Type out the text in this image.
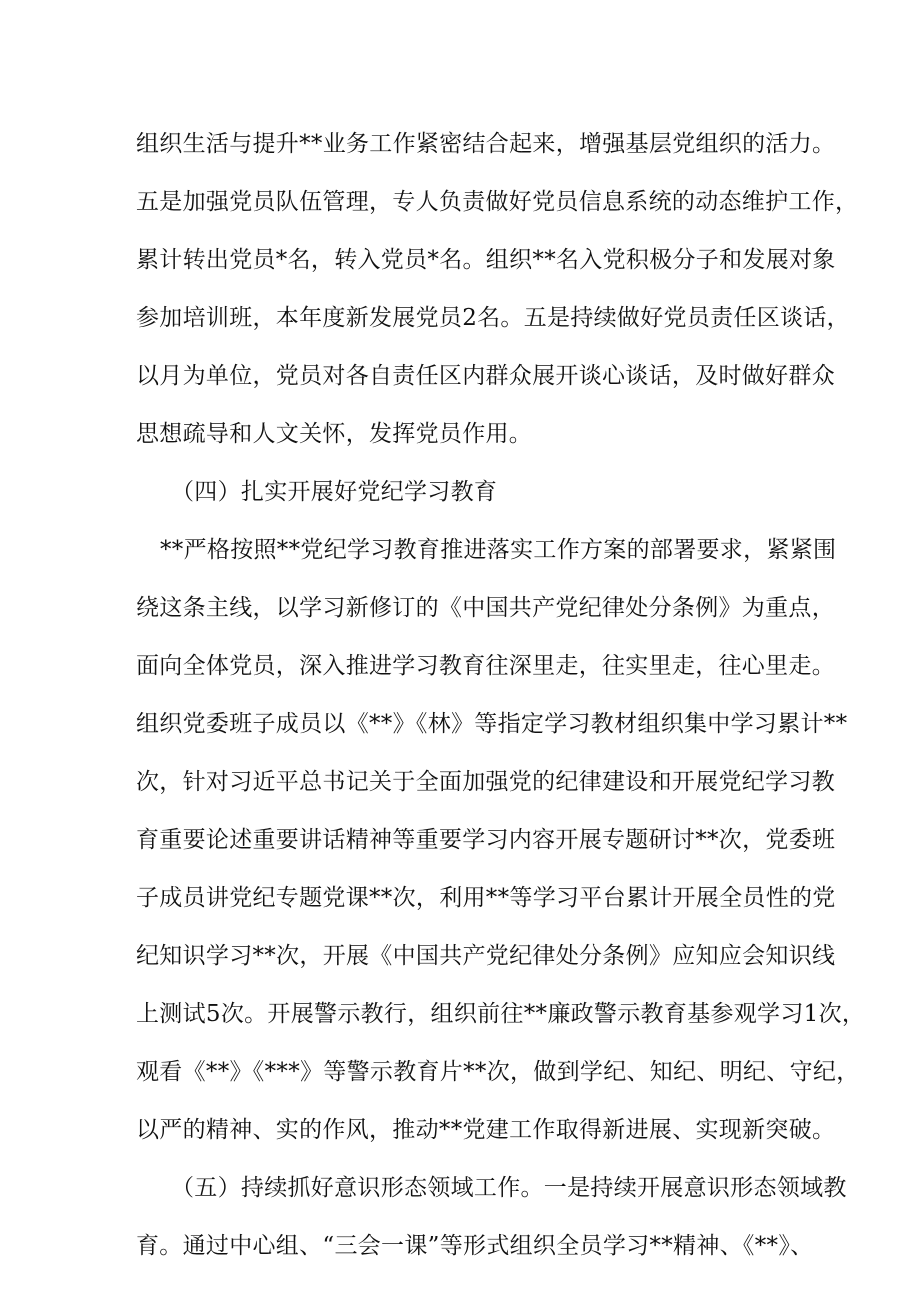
组织生活与提升**业务工作紧密结合起来，增强基层党组织的活力。
五是加强党员队伍管理，专人负责做好党员信息系统的动态维护工作，
累计转出党员*名，转入党员*名。组织**名入党积极分子和发展对象
参加培训班，本年度新发展党员2名。五是持续做好党员责任区谈话，
以月为单位，党员对各自责任区内群众展开谈心谈话，及时做好群众
思想疏导和人文关怀，发挥党员作用。
（四）扎实开展好党纪学习教育
**严格按照**党纪学习教育推进落实工作方案的部署要求，紧紧围
绕这条主线，以学习新修订的《中国共产党纪律处分条例》为重点，
面向全体党员，深入推进学习教育往深里走，往实里走，往心里走。
组织党委班子成员以《**》《林》等指定学习教材组织集中学习累计**
次，针对习近平总书记关于全面加强党的纪律建设和开展党纪学习教
育重要论述重要讲话精神等重要学习内容开展专题研讨**次，党委班
子成员讲党纪专题党课**次，利用**等学习平台累计开展全员性的党
纪知识学习**次，开展《中国共产党纪律处分条例》应知应会知识线
上测试5次。开展警示教行，组织前往**廉政警示教育基参观学习1次，
观看《**》《***》等警示教育片**次，做到学纪、知纪、明纪、守纪，
以严的精神、实的作风，推动**党建工作取得新进展、实现新突破。
（五）持续抓好意识形态领域工作。一是持续开展意识形态领域教
育。通过中心组、“三会一课”等形式组织全员学习**精神、《**》、
